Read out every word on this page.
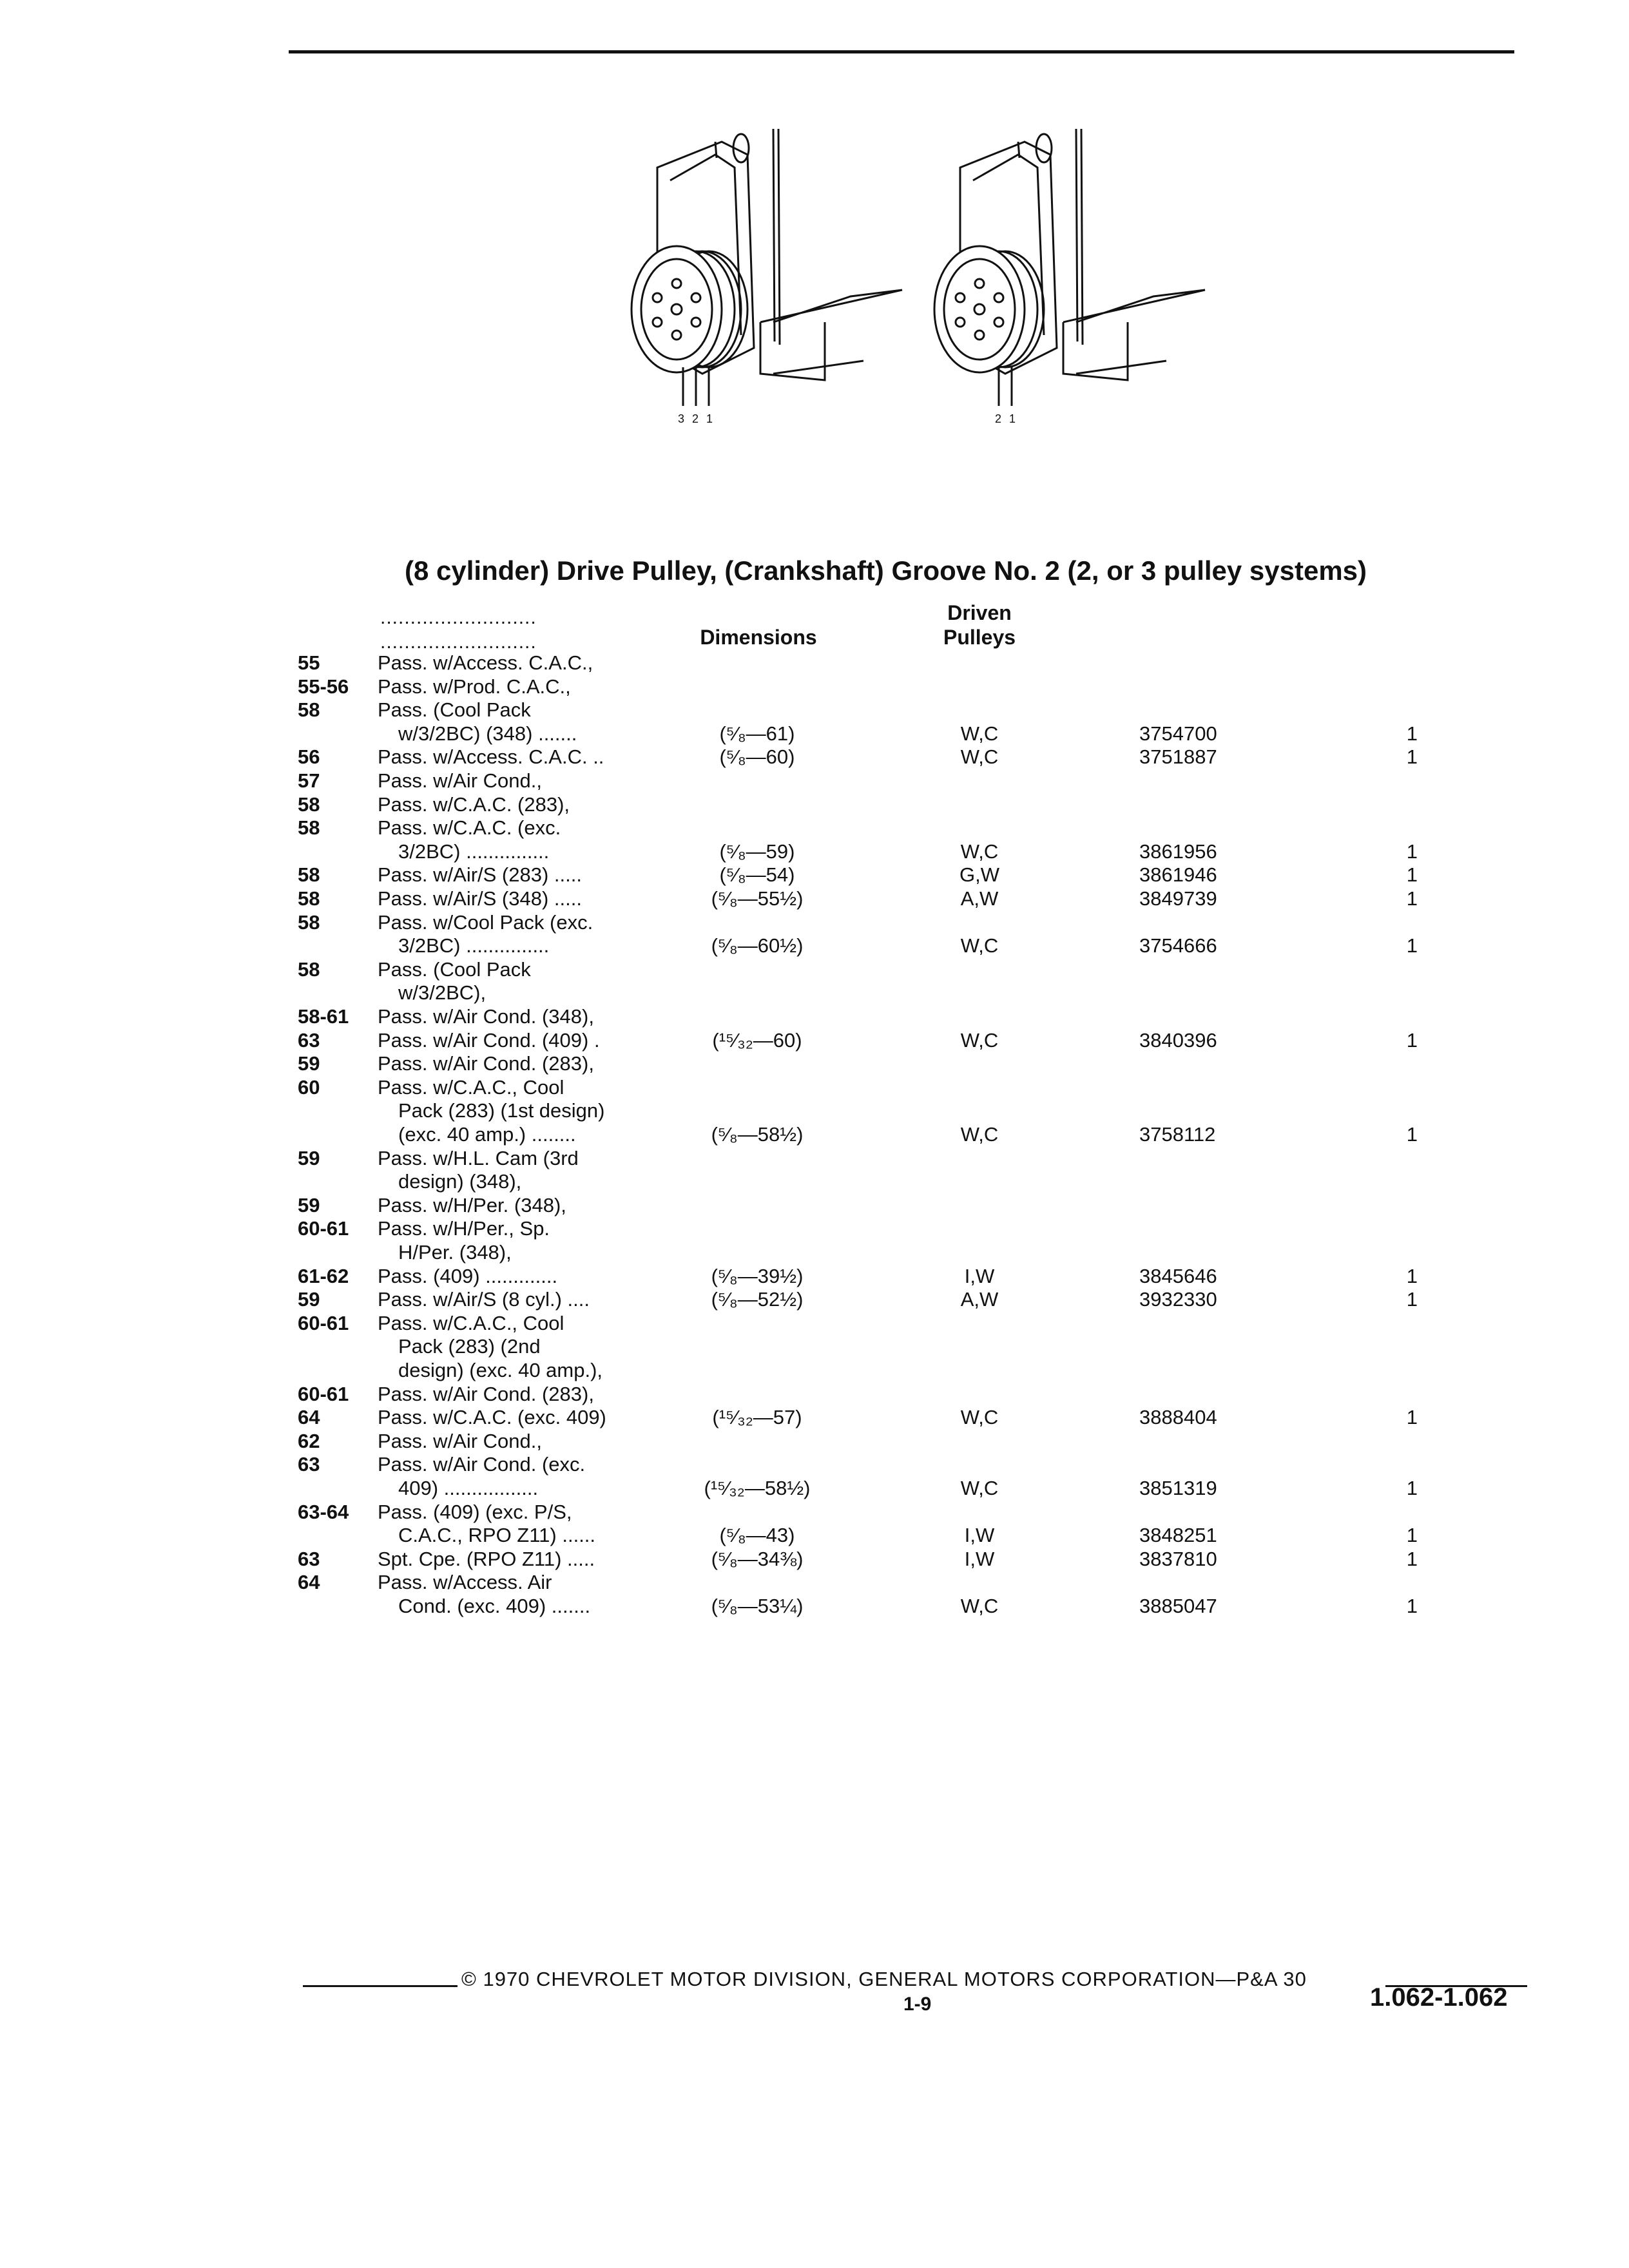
3 2 1	2 1
(8 cylinder) Drive Pulley, (Crankshaft) Groove No. 2 (2, or 3 pulley systems)
..........................
..........................	Dimensions
Driven
Pulleys
55	Pass. w/Access. C.A.C.,
55-56 Pass. w/Prod. C.A.C.,
58	Pass. (Cool Pack
w/3/2BC) (348) .......	(⁵⁄₈—61)	W,C	3754700	1
56	Pass. w/Access. C.A.C. ..	(⁵⁄₈—60)	W,C	3751887	1
57	Pass. w/Air Cond.,
58	Pass. w/C.A.C. (283),
58	Pass. w/C.A.C. (exc.
3/2BC) ...............	(⁵⁄₈—59)	W,C	3861956	1
58	Pass. w/Air/S (283) .....	(⁵⁄₈—54)	G,W	3861946	1
58	Pass. w/Air/S (348) .....	(⁵⁄₈—55½)	A,W	3849739	1
58	Pass. w/Cool Pack (exc.
3/2BC) ...............	(⁵⁄₈—60½)	W,C	3754666	1
58	Pass. (Cool Pack
w/3/2BC),
58-61 Pass. w/Air Cond. (348),
63	Pass. w/Air Cond. (409) .	(¹⁵⁄₃₂—60)	W,C	3840396	1
59	Pass. w/Air Cond. (283),
60	Pass. w/C.A.C., Cool
Pack (283) (1st design)
(exc. 40 amp.) ........	(⁵⁄₈—58½)	W,C	3758112	1
59	Pass. w/H.L. Cam (3rd
design) (348),
59	Pass. w/H/Per. (348),
60-61 Pass. w/H/Per., Sp.
H/Per. (348),
61-62 Pass. (409) .............	(⁵⁄₈—39½)	I,W	3845646	1
59	Pass. w/Air/S (8 cyl.) ....	(⁵⁄₈—52½)	A,W	3932330	1
60-61 Pass. w/C.A.C., Cool
Pack (283) (2nd
design) (exc. 40 amp.),
60-61 Pass. w/Air Cond. (283),
64	Pass. w/C.A.C. (exc. 409)	(¹⁵⁄₃₂—57)	W,C	3888404	1
62	Pass. w/Air Cond.,
63	Pass. w/Air Cond. (exc.
409) .................	(¹⁵⁄₃₂—58½)	W,C	3851319	1
63-64 Pass. (409) (exc. P/S,
C.A.C., RPO Z11) ......	(⁵⁄₈—43)	I,W	3848251	1
63	Spt. Cpe. (RPO Z11) .....	(⁵⁄₈—34⅜)	I,W	3837810	1
64	Pass. w/Access. Air
Cond. (exc. 409) .......	(⁵⁄₈—53¼)	W,C	3885047	1
© 1970 CHEVROLET MOTOR DIVISION, GENERAL MOTORS CORPORATION—P&A 30
1-9	1.062-1.062
